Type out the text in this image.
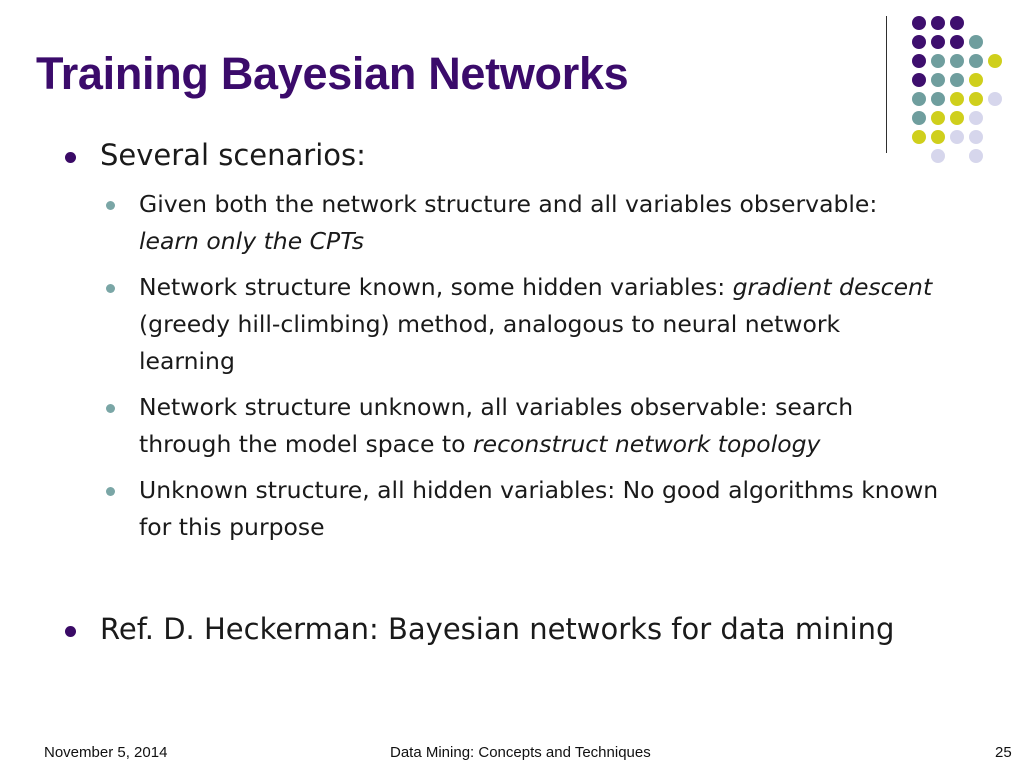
Training Bayesian Networks
Several scenarios:
Given both the network structure and all variables observable: learn only the CPTs
Network structure known, some hidden variables: gradient descent (greedy hill-climbing) method, analogous to neural network learning
Network structure unknown, all variables observable: search through the model space to reconstruct network topology
Unknown structure, all hidden variables: No good algorithms known for this purpose
Ref. D. Heckerman: Bayesian networks for data mining
November 5, 2014	Data Mining: Concepts and Techniques	25
